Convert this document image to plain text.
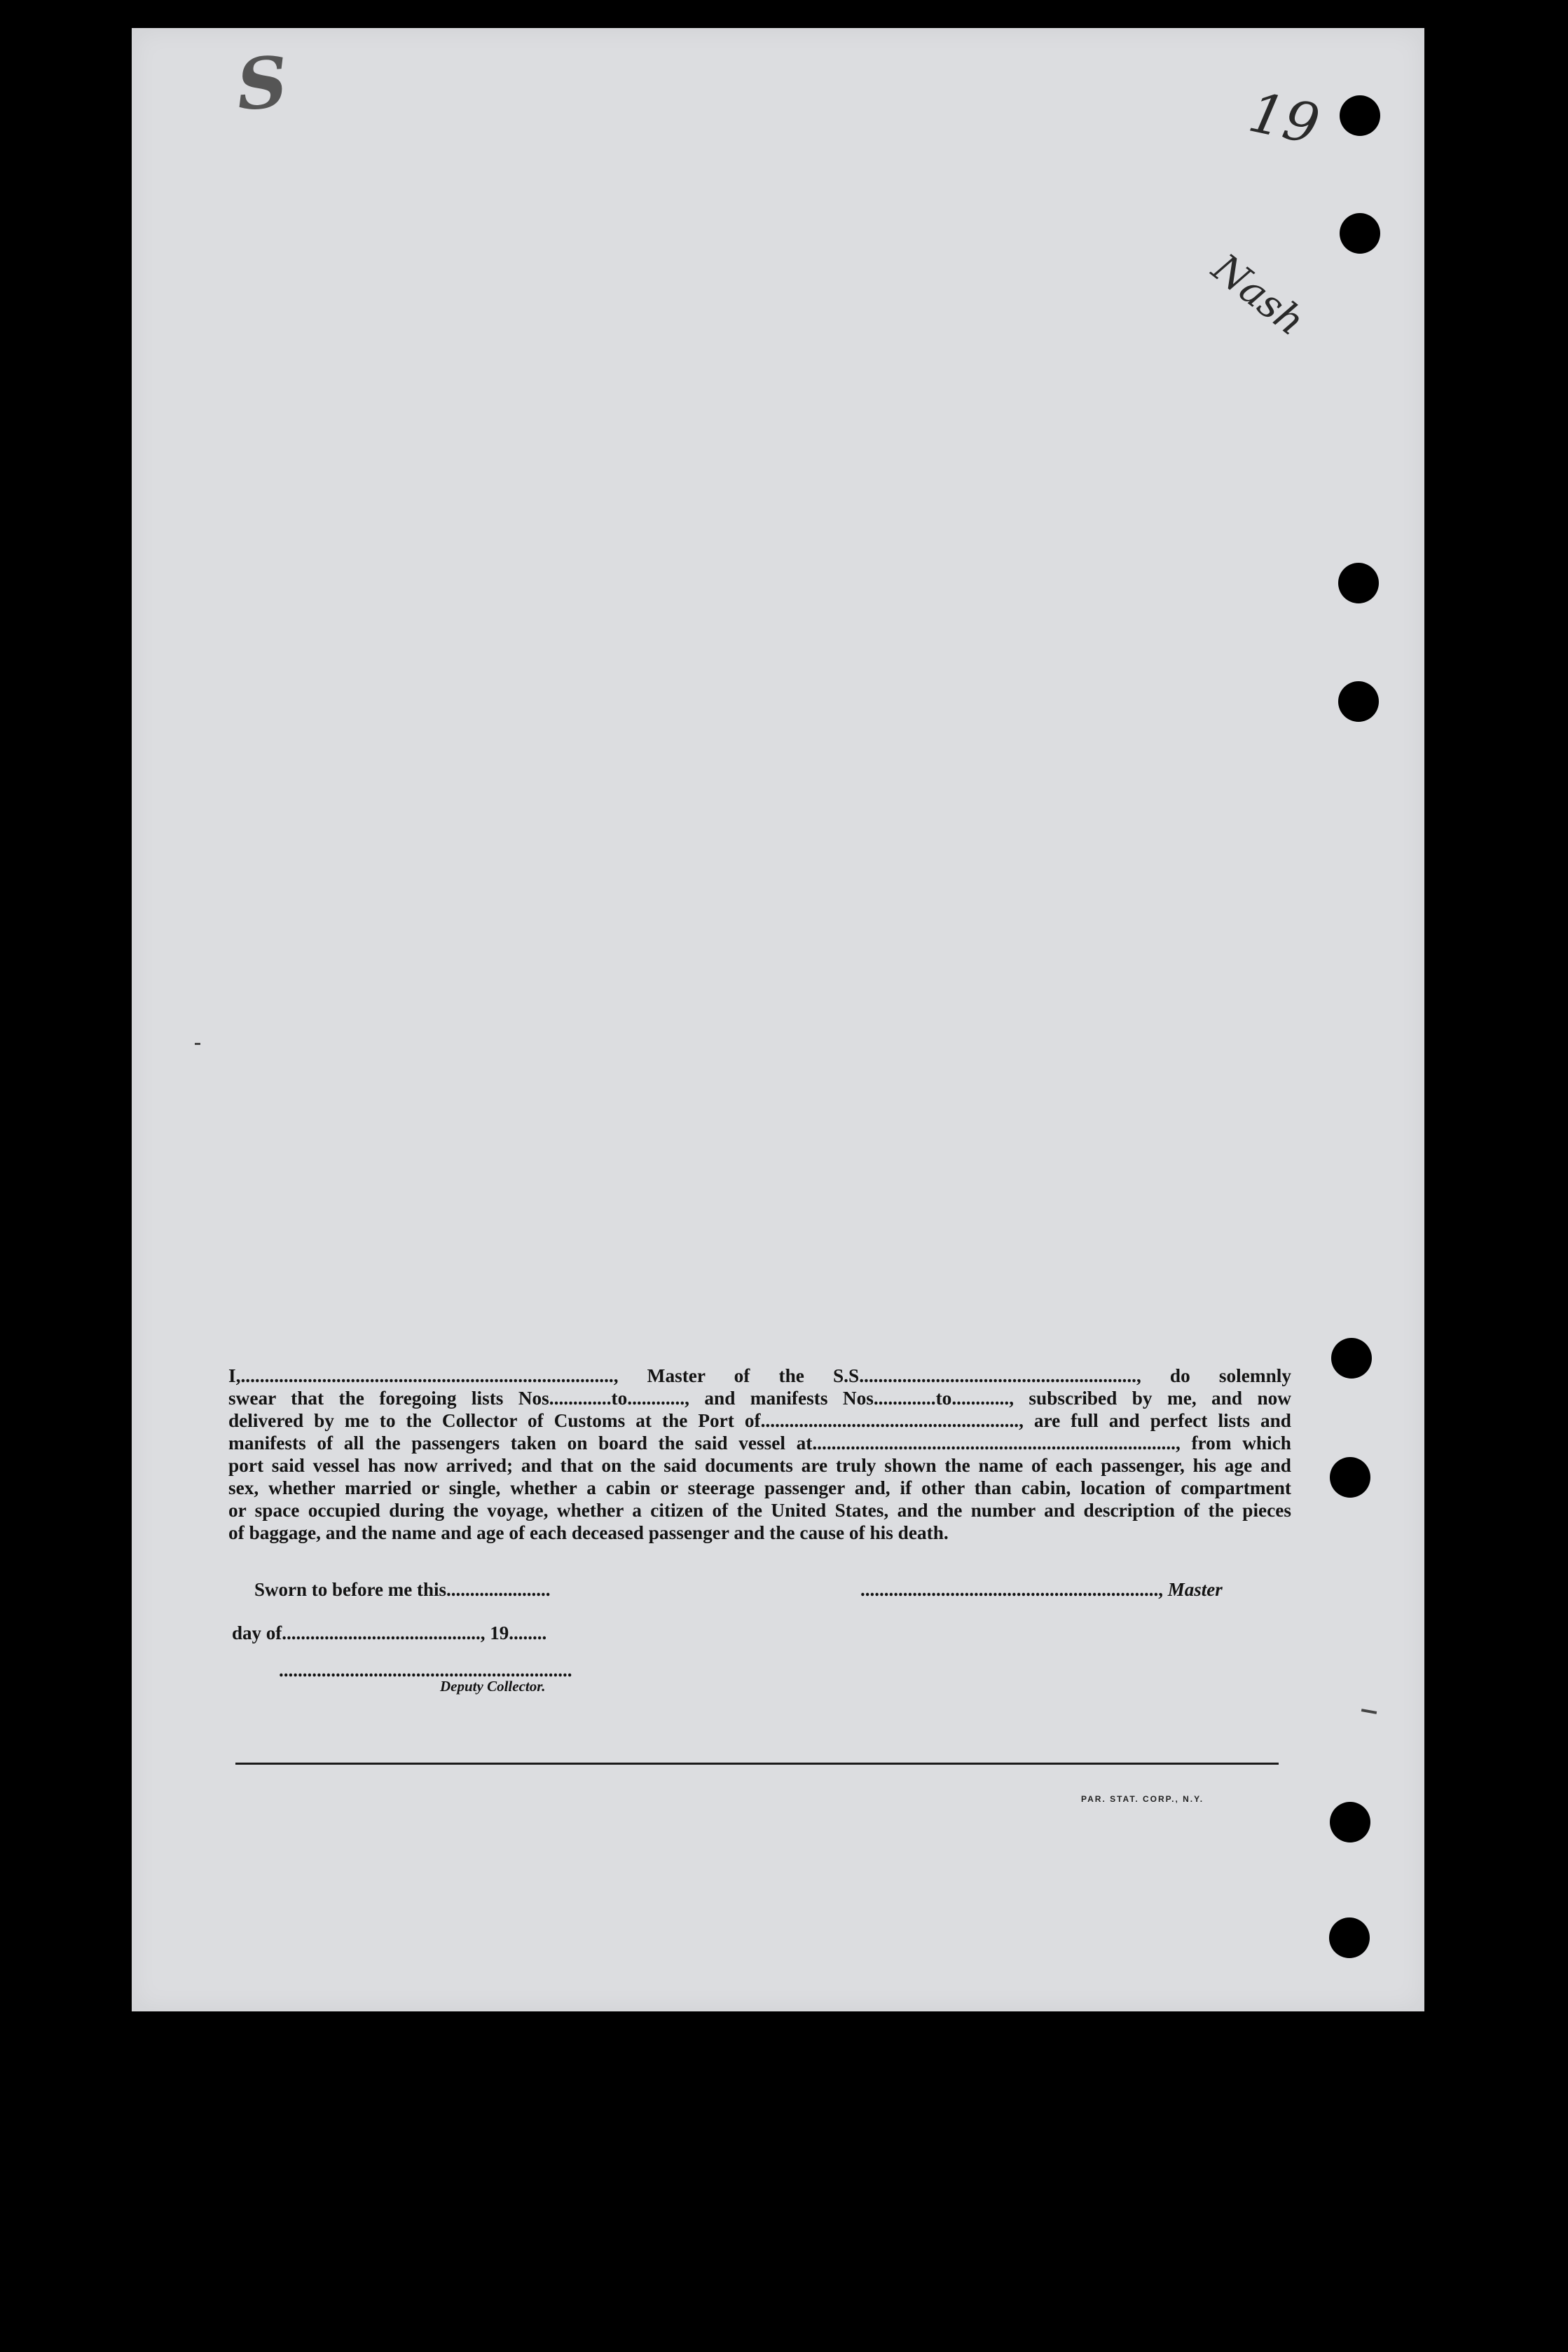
S	19
Nash
I,.............................................................................., Master of the S.S.........................................................., do solemnly
swear that the foregoing lists Nos.............to............, and manifests Nos.............to............, subscribed by me, and now
delivered by me to the Collector of Customs at the Port of......................................................, are full and perfect lists and
manifests of all the passengers taken on board the said vessel at............................................................................, from which
port said vessel has now arrived; and that on the said documents are truly shown the name of each passenger, his age and
sex, whether married or single, whether a cabin or steerage passenger and, if other than cabin, location of compartment
or space occupied during the voyage, whether a citizen of the United States, and the number and description of the pieces
of baggage, and the name and age of each deceased passenger and the cause of his death.
Sworn to before me this......................	..............................................................., Master
day of.........................................., 19........
..............................................................
Deputy Collector.
PAR. STAT. CORP., N.Y.
